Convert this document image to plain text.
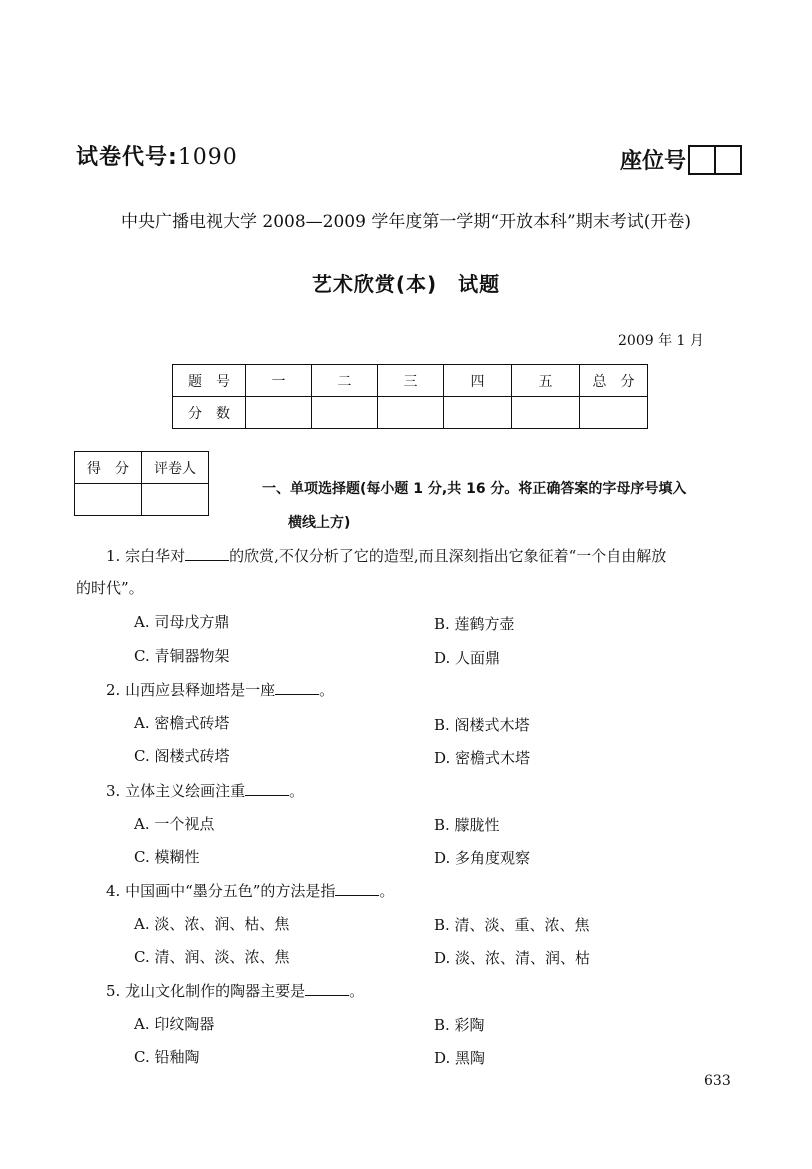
试卷代号:1090	座位号
中央广播电视大学 2008—2009 学年度第一学期“开放本科”期末考试(开卷)
艺术欣赏(本)　试题
2009 年 1 月
题　号	一	二	三	四	五	总　分
分　数						
得　分	评卷人

一、单项选择题(每小题 1 分,共 16 分。将正确答案的字母序号填入
横线上方)
1. 宗白华对	的欣赏,不仅分析了它的造型,而且深刻指出它象征着“一个自由解放
的时代”。
A. 司母戊方鼎	B. 莲鹤方壶
C. 青铜器物架	D. 人面鼎
2. 山西应县释迦塔是一座	。
A. 密檐式砖塔	B. 阁楼式木塔
C. 阁楼式砖塔	D. 密檐式木塔
3. 立体主义绘画注重	。
A. 一个视点	B. 朦胧性
C. 模糊性	D. 多角度观察
4. 中国画中“墨分五色”的方法是指	。
A. 淡、浓、润、枯、焦	B. 清、淡、重、浓、焦
C. 清、润、淡、浓、焦	D. 淡、浓、清、润、枯
5. 龙山文化制作的陶器主要是	。
A. 印纹陶器	B. 彩陶
C. 铅釉陶	D. 黑陶
633
